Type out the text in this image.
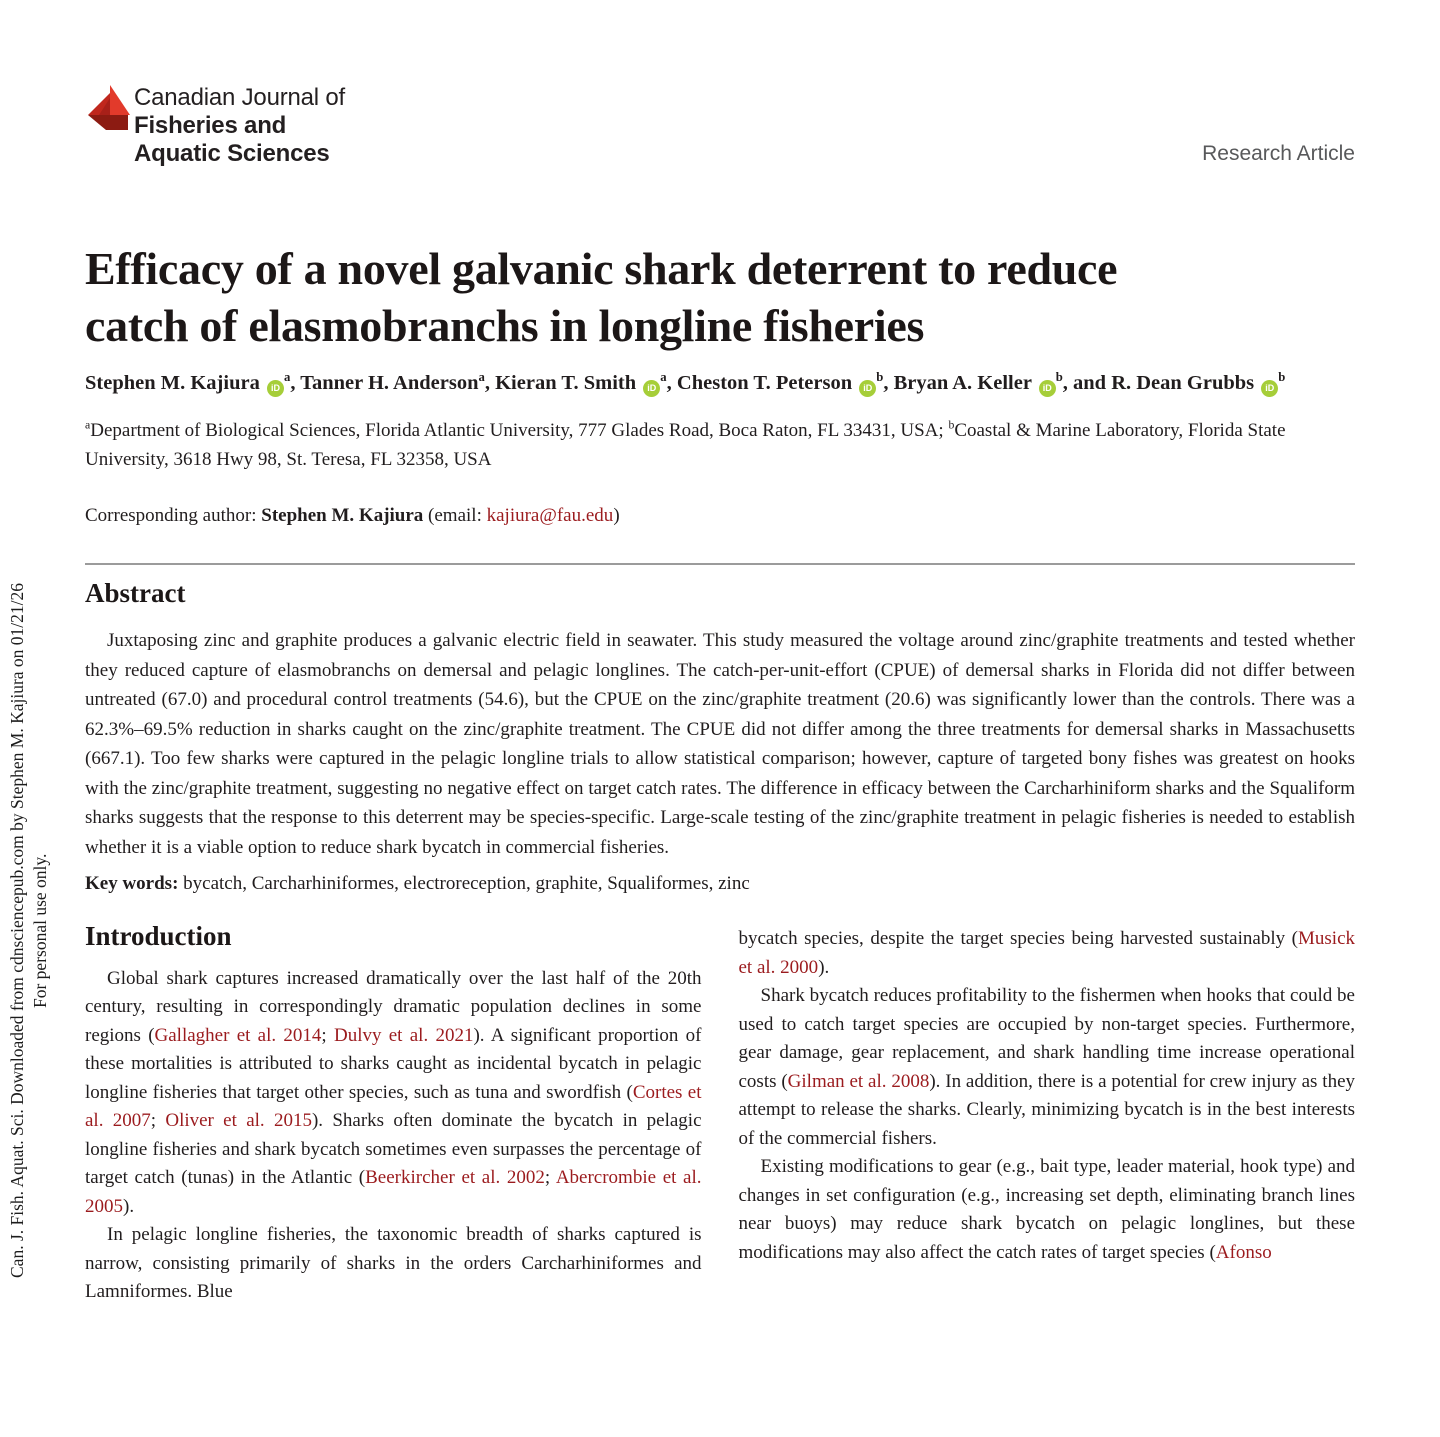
Can. J. Fish. Aquat. Sci. Downloaded from cdnsciencepub.com by Stephen M. Kajiura on 01/21/26 For personal use only.
Canadian Journal of
Fisheries and
Aquatic Sciences	Research Article
Efficacy of a novel galvanic shark deterrent to reduce
catch of elasmobranchs in longline fisheries
Stephen M. Kajiura $iD^a$, Tanner H. Anderson$^a$, Kieran T. Smith $iD^a$, Cheston T. Peterson $iD^b$, Bryan A. Keller $iD^b$, and R. Dean Grubbs $iD^b$
$^a$Department of Biological Sciences, Florida Atlantic University, 777 Glades Road, Boca Raton, FL 33431, USA; $^b$Coastal & Marine Laboratory, Florida State University, 3618 Hwy 98, St. Teresa, FL 32358, USA
Corresponding author: Stephen M. Kajiura (email: kajiura@fau.edu)
Abstract

Juxtaposing zinc and graphite produces a galvanic electric field in seawater. This study measured the voltage around zinc/graphite treatments and tested whether they reduced capture of elasmobranchs on demersal and pelagic longlines. The catch-per-unit-effort (CPUE) of demersal sharks in Florida did not differ between untreated (67.0) and procedural control treatments (54.6), but the CPUE on the zinc/graphite treatment (20.6) was significantly lower than the controls. There was a 62.3%–69.5% reduction in sharks caught on the zinc/graphite treatment. The CPUE did not differ among the three treatments for demersal sharks in Massachusetts (667.1). Too few sharks were captured in the pelagic longline trials to allow statistical comparison; however, capture of targeted bony fishes was greatest on hooks with the zinc/graphite treatment, suggesting no negative effect on target catch rates. The difference in efficacy between the Carcharhiniform sharks and the Squaliform sharks suggests that the response to this deterrent may be species-specific. Large-scale testing of the zinc/graphite treatment in pelagic fisheries is needed to establish whether it is a viable option to reduce shark bycatch in commercial fisheries.

Key words: bycatch, Carcharhiniformes, electroreception, graphite, Squaliformes, zinc

Introduction

Global shark captures increased dramatically over the last half of the 20th century, resulting in correspondingly dramatic population declines in some regions (Gallagher et al. 2014; Dulvy et al. 2021). A significant proportion of these mortalities is attributed to sharks caught as incidental bycatch in pelagic longline fisheries that target other species, such as tuna and swordfish (Cortes et al. 2007; Oliver et al. 2015). Sharks often dominate the bycatch in pelagic longline fisheries and shark bycatch sometimes even surpasses the percentage of target catch (tunas) in the Atlantic (Beerkircher et al. 2002; Abercrombie et al. 2005).

In pelagic longline fisheries, the taxonomic breadth of sharks captured is narrow, consisting primarily of sharks in the orders Carcharhiniformes and Lamniformes. Blue

bycatch species, despite the target species being harvested sustainably (Musick et al. 2000).

Shark bycatch reduces profitability to the fishermen when hooks that could be used to catch target species are occupied by non-target species. Furthermore, gear damage, gear replacement, and shark handling time increase operational costs (Gilman et al. 2008). In addition, there is a potential for crew injury as they attempt to release the sharks. Clearly, minimizing bycatch is in the best interests of the commercial fishers.

Existing modifications to gear (e.g., bait type, leader material, hook type) and changes in set configuration (e.g., increasing set depth, eliminating branch lines near buoys) may reduce shark bycatch on pelagic longlines, but these modifications may also affect the catch rates of target species (Afonso
